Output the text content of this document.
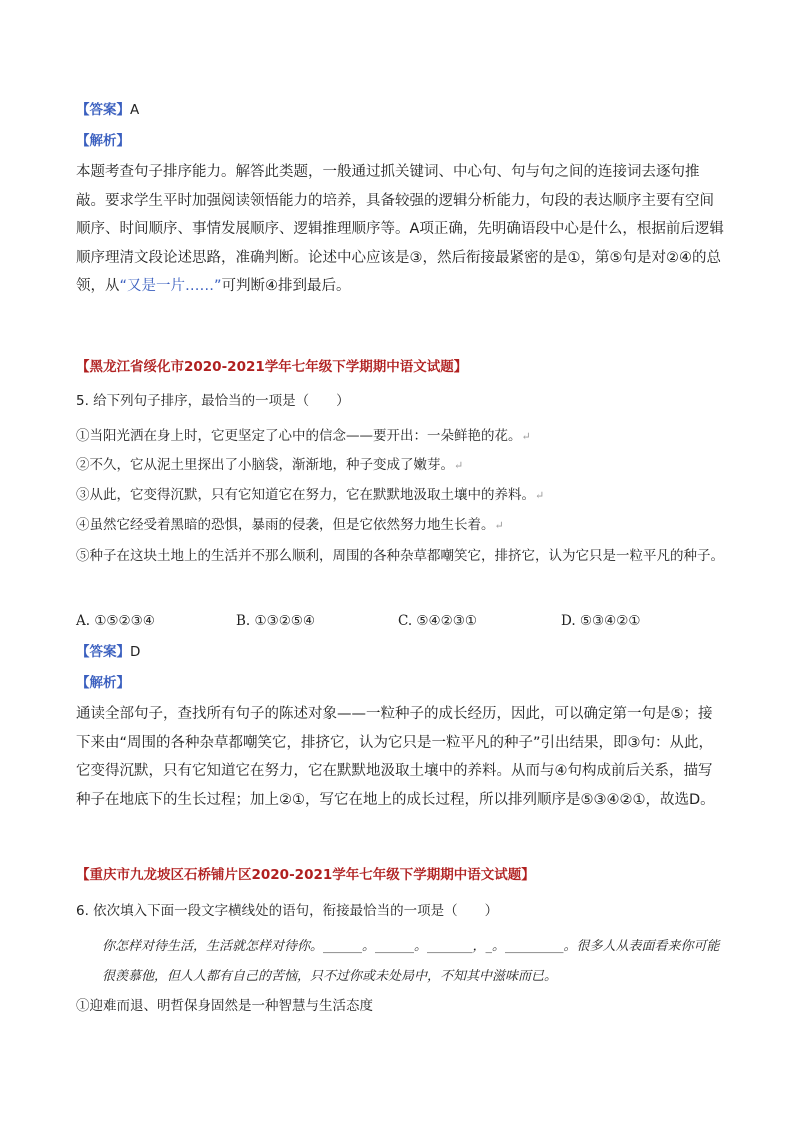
【答案】A
【解析】
本题考查句子排序能力。解答此类题，一般通过抓关键词、中心句、句与句之间的连接词去逐句推敲。要求学生平时加强阅读领悟能力的培养，具备较强的逻辑分析能力，句段的表达顺序主要有空间顺序、时间顺序、事情发展顺序、逻辑推理顺序等。A项正确，先明确语段中心是什么，根据前后逻辑顺序理清文段论述思路，准确判断。论述中心应该是③，然后衔接最紧密的是①，第⑤句是对②④的总领，从“又是一片……”可判断④排到最后。
【黑龙江省绥化市2020-2021学年七年级下学期期中语文试题】
5. 给下列句子排序，最恰当的一项是（　　）
①当阳光洒在身上时，它更坚定了心中的信念——要开出：一朵鲜艳的花。↵
②不久，它从泥土里探出了小脑袋，渐渐地，种子变成了嫩芽。↵
③从此，它变得沉默，只有它知道它在努力，它在默默地汲取土壤中的养料。↵
④虽然它经受着黑暗的恐惧，暴雨的侵袭，但是它依然努力地生长着。↵
⑤种子在这块土地上的生活并不那么顺利，周围的各种杂草都嘲笑它，排挤它，认为它只是一粒平凡的种子。
A. ①⑤②③④	B. ①③②⑤④	C. ⑤④②③①	D. ⑤③④②①
【答案】D
【解析】
通读全部句子，查找所有句子的陈述对象——一粒种子的成长经历，因此，可以确定第一句是⑤；接下来由“周围的各种杂草都嘲笑它，排挤它，认为它只是一粒平凡的种子”引出结果，即③句：从此，它变得沉默，只有它知道它在努力，它在默默地汲取土壤中的养料。从而与④句构成前后关系，描写种子在地底下的生长过程；加上②①，写它在地上的成长过程，所以排列顺序是⑤③④②①，故选D。
【重庆市九龙坡区石桥铺片区2020-2021学年七年级下学期期中语文试题】
6. 依次填入下面一段文字横线处的语句，衔接最恰当的一项是（　　）
你怎样对待生活，生活就怎样对待你。______。______。_______，_。_________。很多人从表面看来你可能很羡慕他，但人人都有自己的苦恼，只不过你或未处局中，不知其中滋味而已。
①迎难而退、明哲保身固然是一种智慧与生活态度
